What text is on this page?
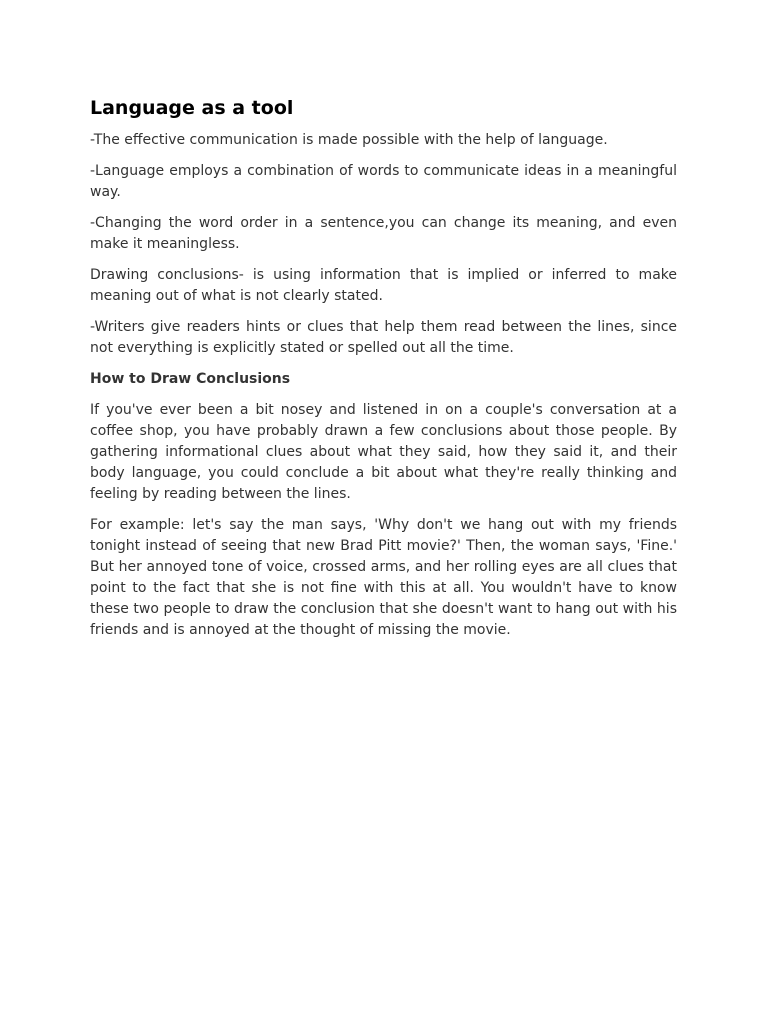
Language as a tool

-The effective communication is made possible with the help of language.

-Language employs a combination of words to communicate ideas in a meaningful way.

-Changing the word order in a sentence,you can change its meaning, and even make it meaningless.

Drawing conclusions- is using information that is implied or inferred to make meaning out of what is not clearly stated.

-Writers give readers hints or clues that help them read between the lines, since not everything is explicitly stated or spelled out all the time.

How to Draw Conclusions

If you've ever been a bit nosey and listened in on a couple's conversation at a coffee shop, you have probably drawn a few conclusions about those people. By gathering informational clues about what they said, how they said it, and their body language, you could conclude a bit about what they're really thinking and feeling by reading between the lines.

For example: let's say the man says, 'Why don't we hang out with my friends tonight instead of seeing that new Brad Pitt movie?' Then, the woman says, 'Fine.' But her annoyed tone of voice, crossed arms, and her rolling eyes are all clues that point to the fact that she is not fine with this at all. You wouldn't have to know these two people to draw the conclusion that she doesn't want to hang out with his friends and is annoyed at the thought of missing the movie.
